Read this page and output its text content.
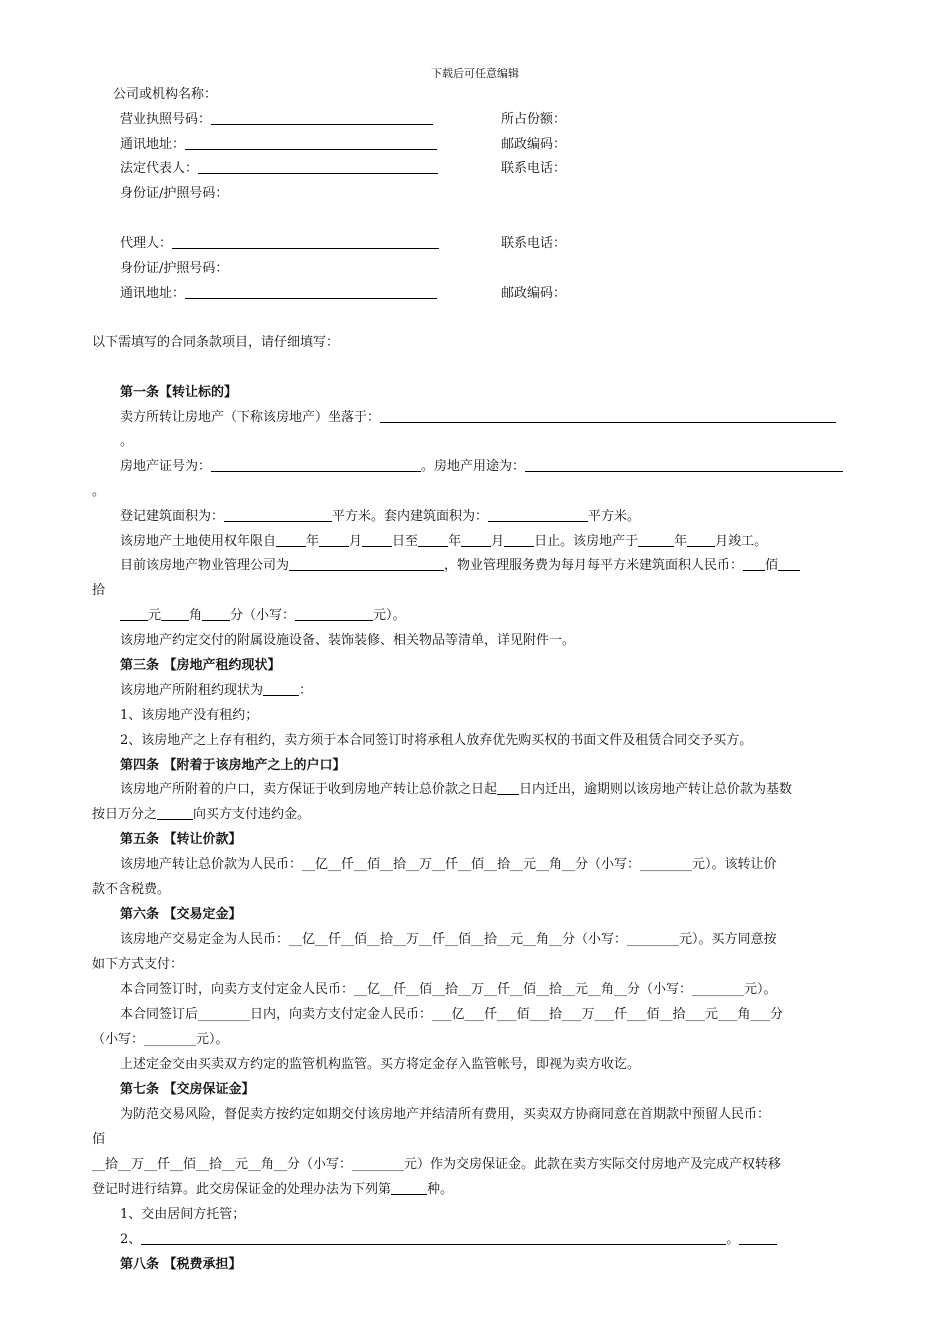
下载后可任意编辑
公司或机构名称：
营业执照号码：	所占份额：
通讯地址：	邮政编码：
法定代表人：	联系电话：
身份证/护照号码：
代理人：	联系电话：
身份证/护照号码：
通讯地址：	邮政编码：
以下需填写的合同条款项目，请仔细填写：
第一条【转让标的】
卖方所转让房地产（下称该房地产）坐落于：
。
房地产证号为：	。房地产用途为：
。
登记建筑面积为：	平方米。套内建筑面积为：	平方米。
该房地产土地使用权年限自 年 月 日至 年 月 日止。该房地产于	年 月竣工。
目前该房地产物业管理公司为	，物业管理服务费为每月每平方米建筑面积人民币： 佰
拾
元 角 分（小写：	元）。
该房地产约定交付的附属设施设备、装饰装修、相关物品等清单，详见附件一。
第三条 【房地产租约现状】
该房地产所附租约现状为	：
1、该房地产没有租约；
2、该房地产之上存有租约，卖方须于本合同签订时将承租人放弃优先购买权的书面文件及租赁合同交予买方。
第四条 【附着于该房地产之上的户口】
该房地产所附着的户口，卖方保证于收到房地产转让总价款之日起 日内迁出，逾期则以该房地产转让总价款为基数
按日万分之	向买方支付违约金。
第五条 【转让价款】
该房地产转让总价款为人民币：__亿__仟__佰__拾__万__仟__佰__拾__元__角__分（小写：________元）。该转让价
款不含税费。
第六条 【交易定金】
该房地产交易定金为人民币：__亿__仟__佰__拾__万__仟__佰__拾__元__角__分（小写：________元）。买方同意按
如下方式支付：
本合同签订时，向卖方支付定金人民币：__亿__仟__佰__拾__万__仟__佰__拾__元__角__分（小写：________元）。
本合同签订后________日内，向卖方支付定金人民币：___亿___仟___佰___拾___万___仟___佰__拾___元___角___分
（小写：________元）。
上述定金交由买卖双方约定的监管机构监管。买方将定金存入监管帐号，即视为卖方收讫。
第七条 【交房保证金】
为防范交易风险，督促卖方按约定如期交付该房地产并结清所有费用，买卖双方协商同意在首期款中预留人民币：
佰
__拾__万__仟__佰__拾__元__角__分（小写：________元）作为交房保证金。此款在卖方实际交付房地产及完成产权转移
登记时进行结算。此交房保证金的处理办法为下列第	种。
1、交由居间方托管；
2、	。
第八条 【税费承担】
